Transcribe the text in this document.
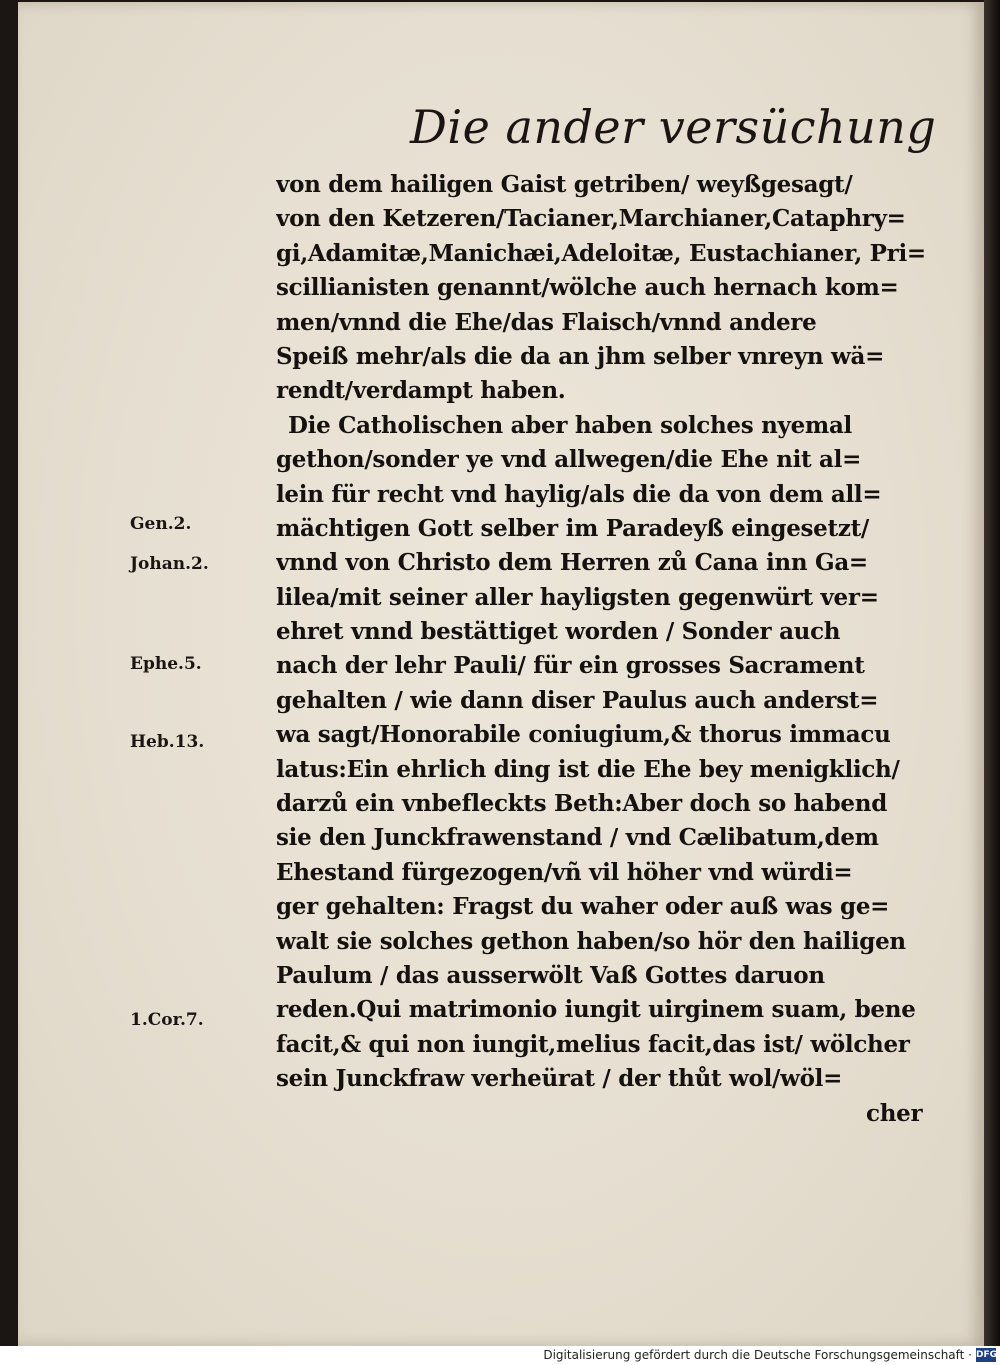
Die ander versüchung
von dem hailigen Gaist getriben/ weyßgesagt/
von den Ketzeren/Tacianer,Marchianer,Cataphry=
gi,Adamitæ,Manichæi,Adeloitæ, Eustachianer, Pri=
scillianisten genannt/wölche auch hernach kom=
men/vnnd die Ehe/das Flaisch/vnnd andere
Speiß mehr/als die da an jhm selber vnreyn wä=
rendt/verdampt haben.
Die Catholischen aber haben solches nyemal
gethon/sonder ye vnd allwegen/die Ehe nit al=
lein für recht vnd haylig/als die da von dem all=
mächtigen Gott selber im Paradeyß eingesetzt/
vnnd von Christo dem Herren zů Cana inn Ga=
lilea/mit seiner aller hayligsten gegenwürt ver=
ehret vnnd bestättiget worden / Sonder auch
nach der lehr Pauli/ für ein grosses Sacrament
gehalten / wie dann diser Paulus auch anderst=
wa sagt/Honorabile coniugium,& thorus immacu
latus:Ein ehrlich ding ist die Ehe bey menigklich/
darzů ein vnbefleckts Beth:Aber doch so habend
sie den Junckfrawenstand / vnd Cælibatum,dem
Ehestand fürgezogen/vñ vil höher vnd würdi=
ger gehalten: Fragst du waher oder auß was ge=
walt sie solches gethon haben/so hör den hailigen
Paulum / das ausserwölt Vaß Gottes daruon
reden.Qui matrimonio iungit uirginem suam, bene
facit,& qui non iungit,melius facit,das ist/ wölcher
sein Junckfraw verheürat / der thůt wol/wöl=
cher
Gen.2.
Johan.2.
Ephe.5.
Heb.13.
1.Cor.7.
Digitalisierung gefördert durch die Deutsche Forschungsgemeinschaft · DFG
